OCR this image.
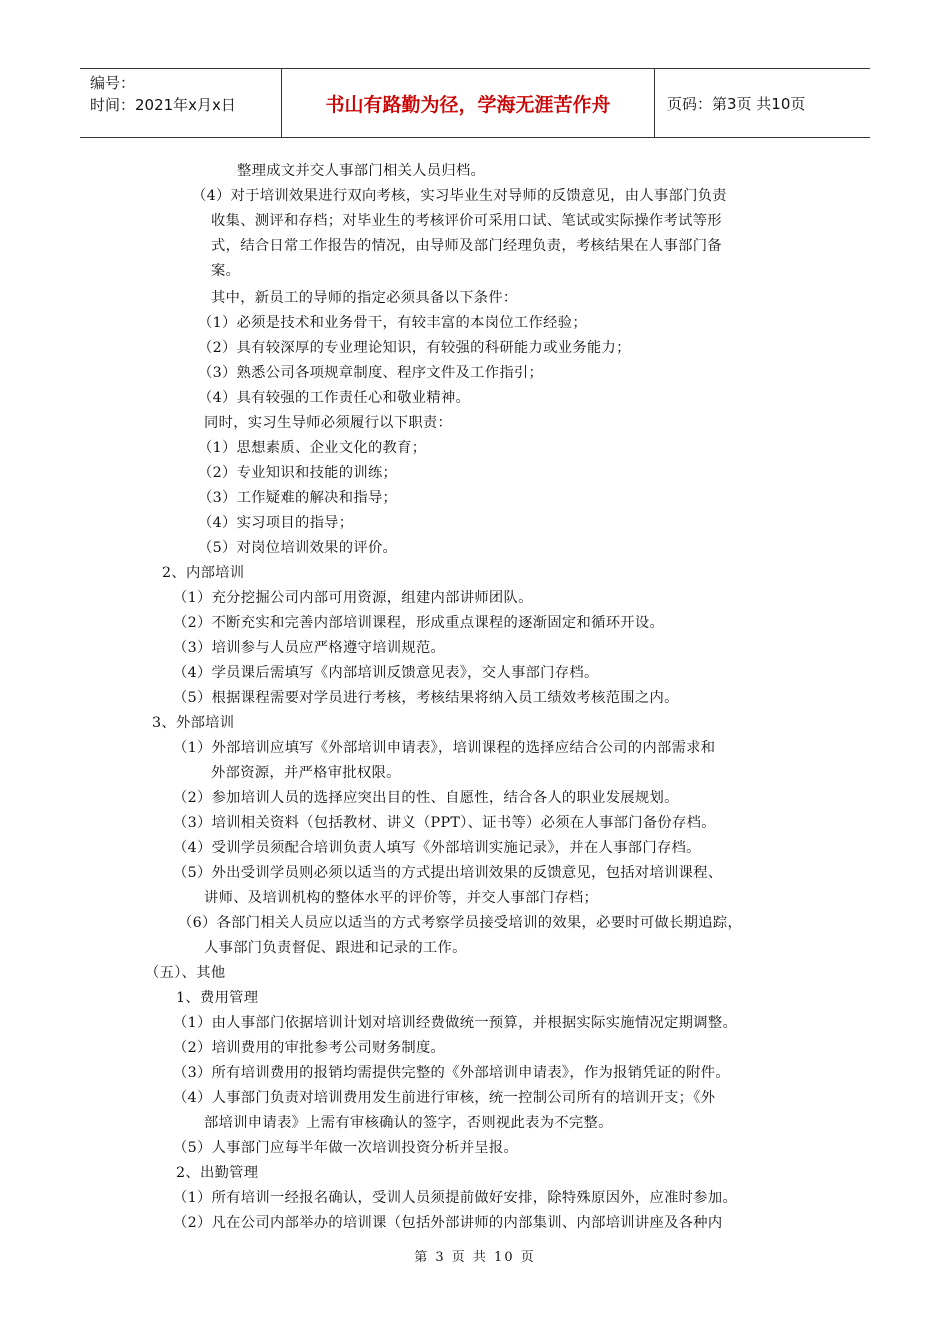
编号：
时间：2021年x月x日	书山有路勤为径，学海无涯苦作舟	页码：第3页 共10页
整理成文并交人事部门相关人员归档。
（4）对于培训效果进行双向考核，实习毕业生对导师的反馈意见，由人事部门负责
收集、测评和存档；对毕业生的考核评价可采用口试、笔试或实际操作考试等形
式，结合日常工作报告的情况，由导师及部门经理负责，考核结果在人事部门备
案。
其中，新员工的导师的指定必须具备以下条件：
（1）必须是技术和业务骨干，有较丰富的本岗位工作经验；
（2）具有较深厚的专业理论知识，有较强的科研能力或业务能力；
（3）熟悉公司各项规章制度、程序文件及工作指引；
（4）具有较强的工作责任心和敬业精神。
同时，实习生导师必须履行以下职责：
（1）思想素质、企业文化的教育；
（2）专业知识和技能的训练；
（3）工作疑难的解决和指导；
（4）实习项目的指导；
（5）对岗位培训效果的评价。
2、内部培训
（1）充分挖掘公司内部可用资源，组建内部讲师团队。
（2）不断充实和完善内部培训课程，形成重点课程的逐渐固定和循环开设。
（3）培训参与人员应严格遵守培训规范。
（4）学员课后需填写《内部培训反馈意见表》，交人事部门存档。
（5）根据课程需要对学员进行考核，考核结果将纳入员工绩效考核范围之内。
3、外部培训
（1）外部培训应填写《外部培训申请表》，培训课程的选择应结合公司的内部需求和
外部资源，并严格审批权限。
（2）参加培训人员的选择应突出目的性、自愿性，结合各人的职业发展规划。
（3）培训相关资料（包括教材、讲义（PPT）、证书等）必须在人事部门备份存档。
（4）受训学员须配合培训负责人填写《外部培训实施记录》，并在人事部门存档。
（5）外出受训学员则必须以适当的方式提出培训效果的反馈意见，包括对培训课程、
讲师、及培训机构的整体水平的评价等，并交人事部门存档；
（6）各部门相关人员应以适当的方式考察学员接受培训的效果，必要时可做长期追踪，
人事部门负责督促、跟进和记录的工作。
（五）、其他
1、费用管理
（1）由人事部门依据培训计划对培训经费做统一预算，并根据实际实施情况定期调整。
（2）培训费用的审批参考公司财务制度。
（3）所有培训费用的报销均需提供完整的《外部培训申请表》，作为报销凭证的附件。
（4）人事部门负责对培训费用发生前进行审核，统一控制公司所有的培训开支；《外
部培训申请表》上需有审核确认的签字，否则视此表为不完整。
（5）人事部门应每半年做一次培训投资分析并呈报。
2、出勤管理
（1）所有培训一经报名确认，受训人员须提前做好安排，除特殊原因外，应准时参加。
（2）凡在公司内部举办的培训课（包括外部讲师的内部集训、内部培训讲座及各种内
第 3 页 共 10 页
